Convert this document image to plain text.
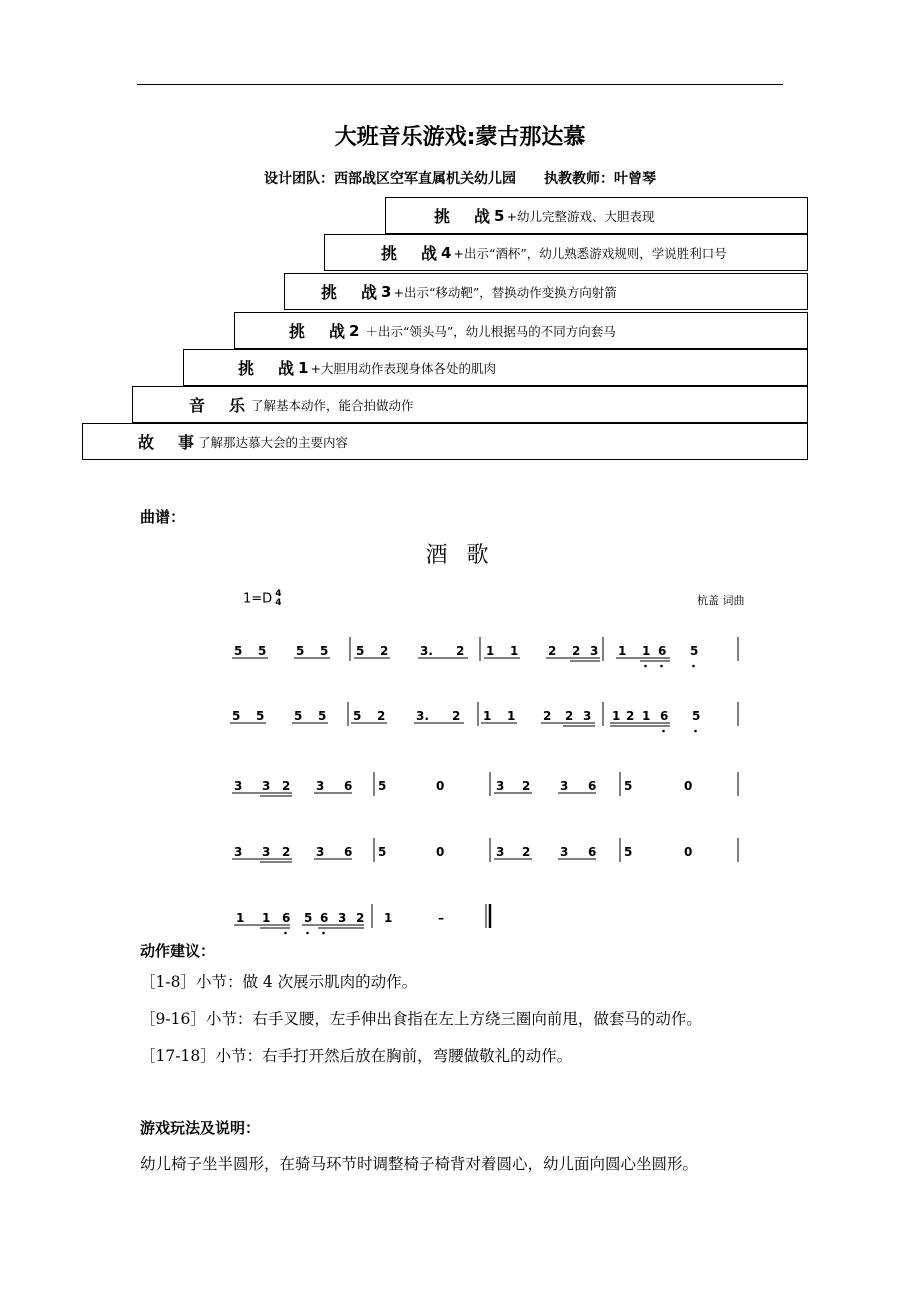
大班音乐游戏:蒙古那达慕
设计团队：西部战区空军直属机关幼儿园　　执教教师：叶曾琴
挑 战 5 +幼儿完整游戏、大胆表现
挑 战 4 +出示“酒杯”，幼儿熟悉游戏规则，学说胜利口号
挑 战 3 +出示“移动靶”，替换动作变换方向射箭
挑 战 2 ＋出示“领头马”，幼儿根据马的不同方向套马
挑 战 1 +大胆用动作表现身体各处的肌肉
音 乐 了解基本动作，能合拍做动作
故 事 了解那达慕大会的主要内容
曲谱：
酒 歌
1=D 4
4	杭盖 词曲
5 5 5 5 5 2	3. 2 1 1 2 2 3 1 1 6 5
5 5 5 5 5 2	3. 2 1 1 2 2 3 1 2 1 6 5
3 3 2 3 6 5	0	3 2 3 6 5	0
3 3 2 3 6 5	0	3 2 3 6 5	0
1 1 6 5 6 3 2 1	–
动作建议：
［1-8］小节：做 4 次展示肌肉的动作。
［9-16］小节：右手叉腰，左手伸出食指在左上方绕三圈向前甩，做套马的动作。
［17-18］小节：右手打开然后放在胸前，弯腰做敬礼的动作。
游戏玩法及说明：
幼儿椅子坐半圆形，在骑马环节时调整椅子椅背对着圆心，幼儿面向圆心坐圆形。
